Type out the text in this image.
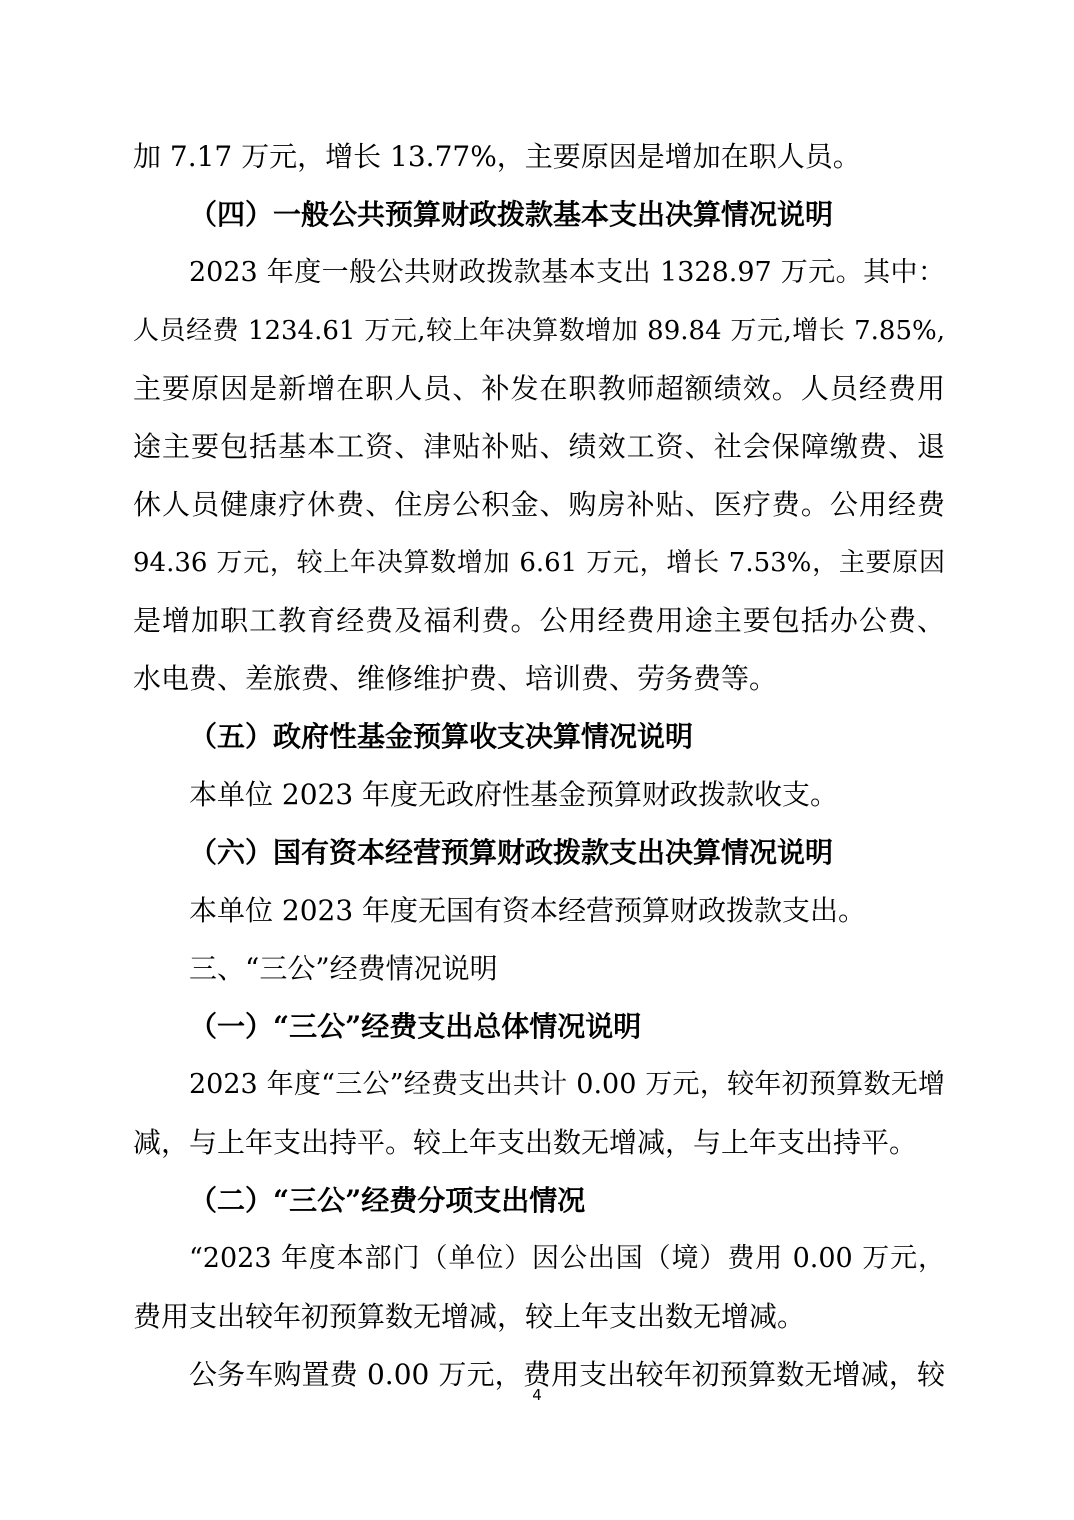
加 7.17 万元，增长 13.77%，主要原因是增加在职人员。
（四）一般公共预算财政拨款基本支出决算情况说明
2023 年度一般公共财政拨款基本支出 1328.97 万元。其中：
人员经费 1234.61 万元,较上年决算数增加 89.84 万元,增长 7.85%,
主要原因是新增在职人员、补发在职教师超额绩效。人员经费用
途主要包括基本工资、津贴补贴、绩效工资、社会保障缴费、退
休人员健康疗休费、住房公积金、购房补贴、医疗费。公用经费
94.36 万元，较上年决算数增加 6.61 万元，增长 7.53%，主要原因
是增加职工教育经费及福利费。公用经费用途主要包括办公费、
水电费、差旅费、维修维护费、培训费、劳务费等。
（五）政府性基金预算收支决算情况说明
本单位 2023 年度无政府性基金预算财政拨款收支。
（六）国有资本经营预算财政拨款支出决算情况说明
本单位 2023 年度无国有资本经营预算财政拨款支出。
三、“三公”经费情况说明
（一）“三公”经费支出总体情况说明
2023 年度“三公”经费支出共计 0.00 万元，较年初预算数无增
减，与上年支出持平。较上年支出数无增减，与上年支出持平。
（二）“三公”经费分项支出情况
“2023 年度本部门（单位）因公出国（境）费用 0.00 万元，
费用支出较年初预算数无增减，较上年支出数无增减。
公务车购置费 0.00 万元，费用支出较年初预算数无增减，较
4
